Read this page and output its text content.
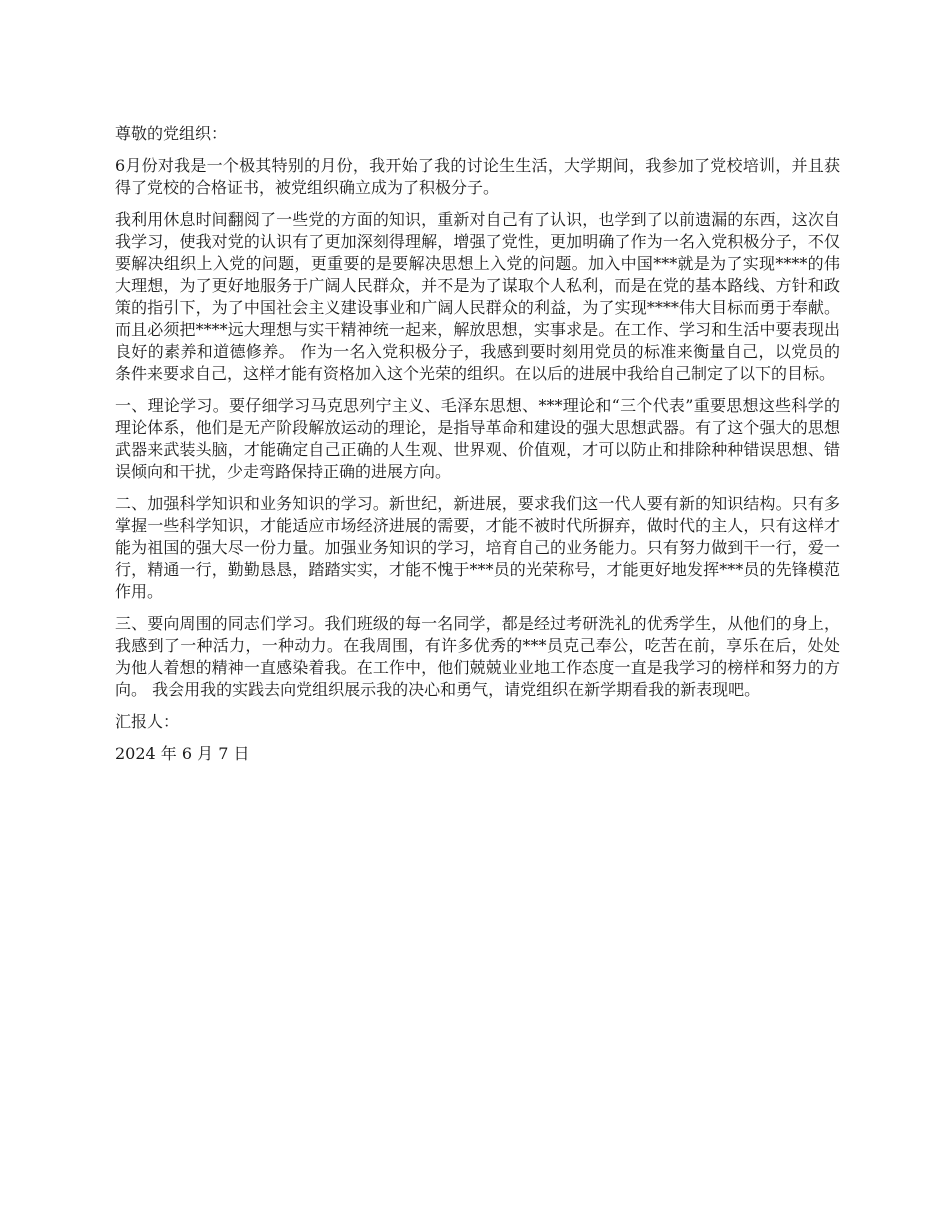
尊敬的党组织：

6月份对我是一个极其特别的月份，我开始了我的讨论生生活，大学期间，我参加了党校培训，并且获得了党校的合格证书，被党组织确立成为了积极分子。

我利用休息时间翻阅了一些党的方面的知识，重新对自己有了认识，也学到了以前遗漏的东西，这次自我学习，使我对党的认识有了更加深刻得理解，增强了党性，更加明确了作为一名入党积极分子，不仅要解决组织上入党的问题，更重要的是要解决思想上入党的问题。加入中国***就是为了实现****的伟大理想，为了更好地服务于广阔人民群众，并不是为了谋取个人私利，而是在党的基本路线、方针和政策的指引下，为了中国社会主义建设事业和广阔人民群众的利益，为了实现****伟大目标而勇于奉献。而且必须把****远大理想与实干精神统一起来，解放思想，实事求是。在工作、学习和生活中要表现出良好的素养和道德修养。 作为一名入党积极分子，我感到要时刻用党员的标准来衡量自己，以党员的条件来要求自己，这样才能有资格加入这个光荣的组织。在以后的进展中我给自己制定了以下的目标。

一、理论学习。要仔细学习马克思列宁主义、毛泽东思想、***理论和“三个代表”重要思想这些科学的理论体系，他们是无产阶段解放运动的理论，是指导革命和建设的强大思想武器。有了这个强大的思想武器来武装头脑，才能确定自己正确的人生观、世界观、价值观，才可以防止和排除种种错误思想、错误倾向和干扰，少走弯路保持正确的进展方向。

二、加强科学知识和业务知识的学习。新世纪，新进展，要求我们这一代人要有新的知识结构。只有多掌握一些科学知识，才能适应市场经济进展的需要，才能不被时代所摒弃，做时代的主人，只有这样才能为祖国的强大尽一份力量。加强业务知识的学习，培育自己的业务能力。只有努力做到干一行，爱一行，精通一行，勤勤恳恳，踏踏实实，才能不愧于***员的光荣称号，才能更好地发挥***员的先锋模范作用。

三、要向周围的同志们学习。我们班级的每一名同学，都是经过考研洗礼的优秀学生，从他们的身上，我感到了一种活力，一种动力。在我周围，有许多优秀的***员克己奉公，吃苦在前，享乐在后，处处为他人着想的精神一直感染着我。在工作中，他们兢兢业业地工作态度一直是我学习的榜样和努力的方向。 我会用我的实践去向党组织展示我的决心和勇气，请党组织在新学期看我的新表现吧。

汇报人：

2024 年 6 月 7 日
